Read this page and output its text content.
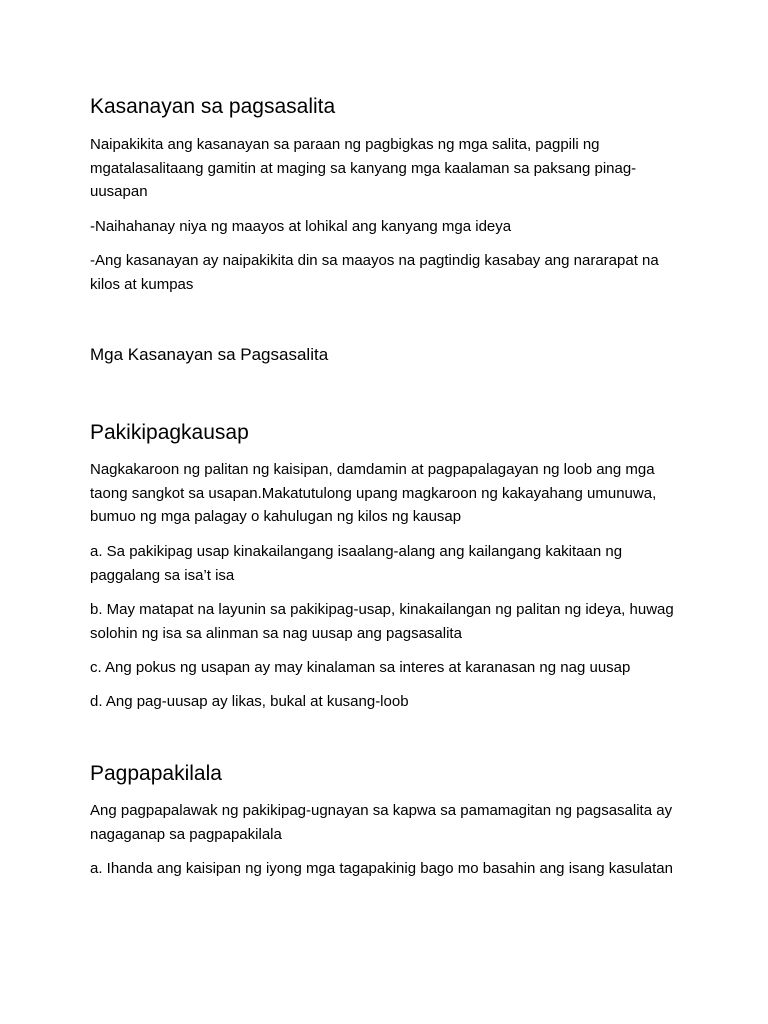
Kasanayan sa pagsasalita

Naipakikita ang kasanayan sa paraan ng pagbigkas ng mga salita, pagpili ng mgatalasalitaang gamitin at maging sa kanyang mga kaalaman sa paksang pinag-uusapan

-Naihahanay niya ng maayos at lohikal ang kanyang mga ideya

-Ang kasanayan ay naipakikita din sa maayos na pagtindig kasabay ang nararapat na kilos at kumpas

Mga Kasanayan sa Pagsasalita
Pakikipagkausap

Nagkakaroon ng palitan ng kaisipan, damdamin at pagpapalagayan ng loob ang mga taong sangkot sa usapan.Makatutulong upang magkaroon ng kakayahang umunuwa, bumuo ng mga palagay o kahulugan ng kilos ng kausap

a. Sa pakikipag usap kinakailangang isaalang-alang ang kailangang kakitaan ng paggalang sa isa’t isa

b. May matapat na layunin sa pakikipag-usap, kinakailangan ng palitan ng ideya, huwag solohin ng isa sa alinman sa nag uusap ang pagsasalita

c. Ang pokus ng usapan ay may kinalaman sa interes at karanasan ng nag uusap

d. Ang pag-uusap ay likas, bukal at kusang-loob

Pagpapakilala

Ang pagpapalawak ng pakikipag-ugnayan sa kapwa sa pamamagitan ng pagsasalita ay nagaganap sa pagpapakilala

a. Ihanda ang kaisipan ng iyong mga tagapakinig bago mo basahin ang isang kasulatan
